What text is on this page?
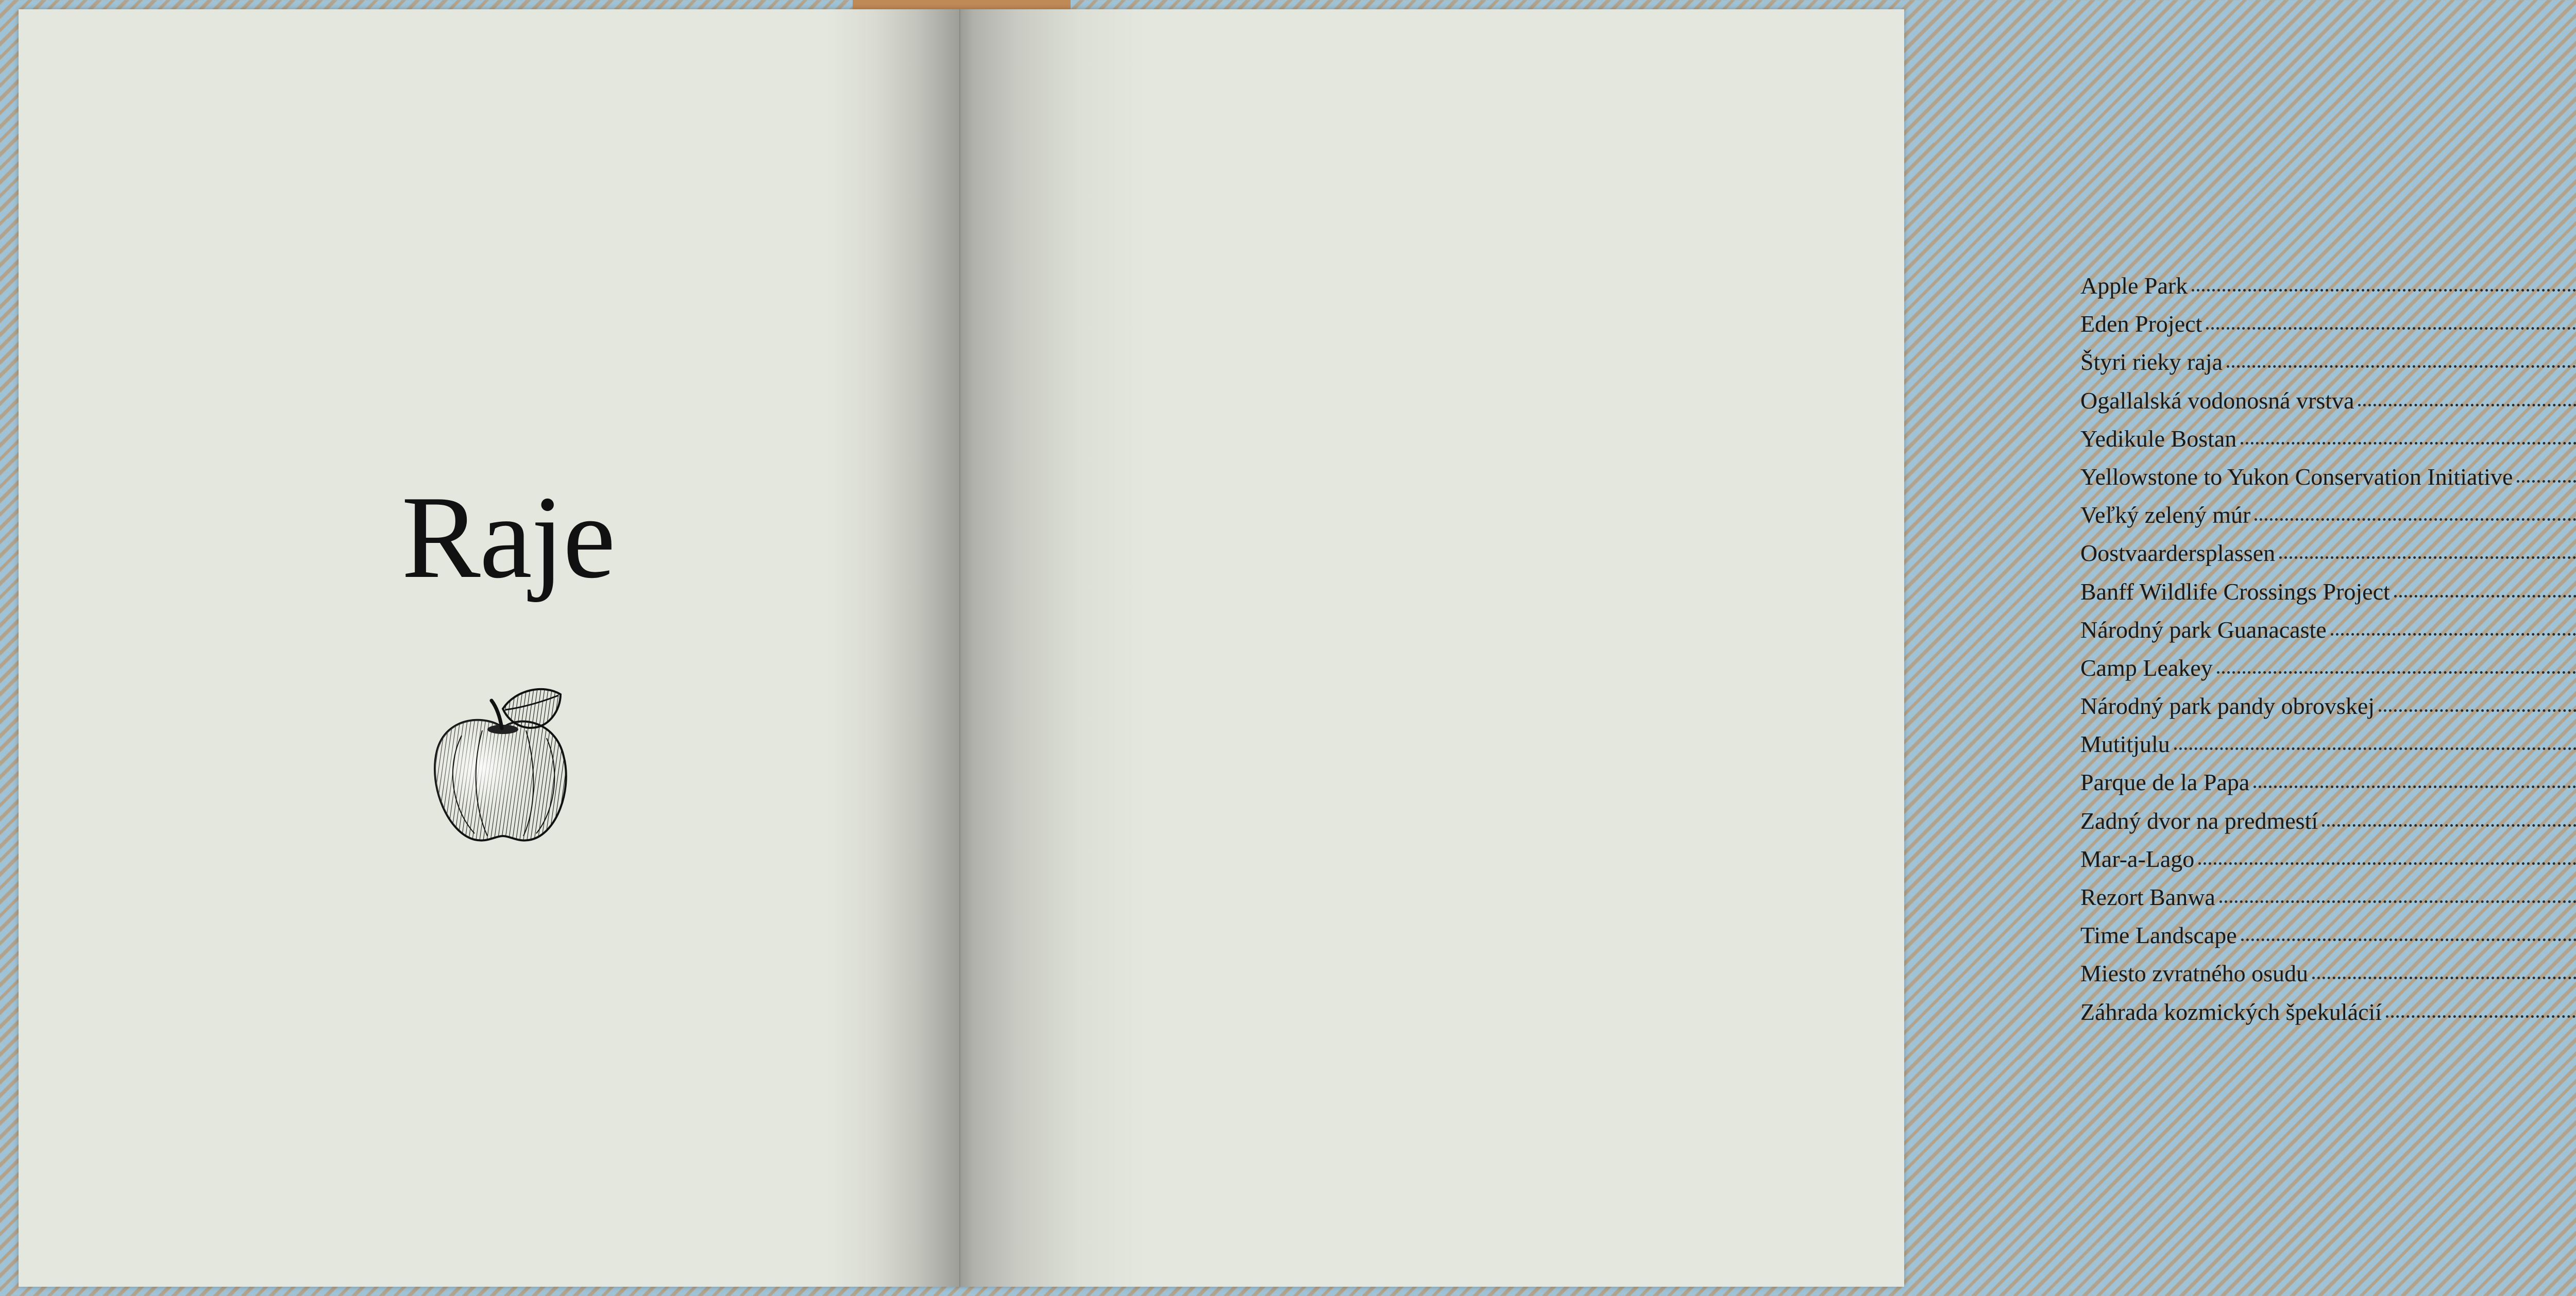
Raje
Apple Park
Eden Project
Štyri rieky raja
Ogallalská vodonosná vrstva
Yedikule Bostan
Yellowstone to Yukon Conservation Initiative
Veľký zelený múr
Oostvaardersplassen
Banff Wildlife Crossings Project
Národný park Guanacaste
Camp Leakey
Národný park pandy obrovskej
Mutitjulu
Parque de la Papa
Zadný dvor na predmestí
Mar-a-Lago
Rezort Banwa
Time Landscape
Miesto zvratného osudu
Záhrada kozmických špekulácií
